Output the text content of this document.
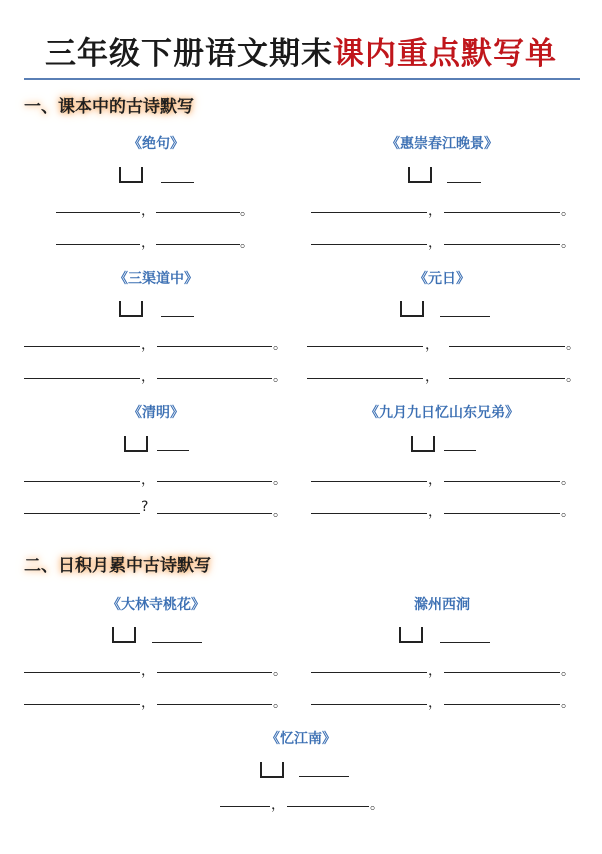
三年级下册语文期末课内重点默写单
一、课本中的古诗默写
二、日积月累中古诗默写
《绝句》
，	。
，	。
《惠崇春江晚景》
，	。
，	。
《三渠道中》
，	。
，	。
《元日》
，	。
，	。
《清明》
，	。
?	。
《九月九日忆山东兄弟》
，	。
，	。
《大林寺桃花》
，	。
，	。
滁州西涧
，	。
，	。
《忆江南》
，	。
